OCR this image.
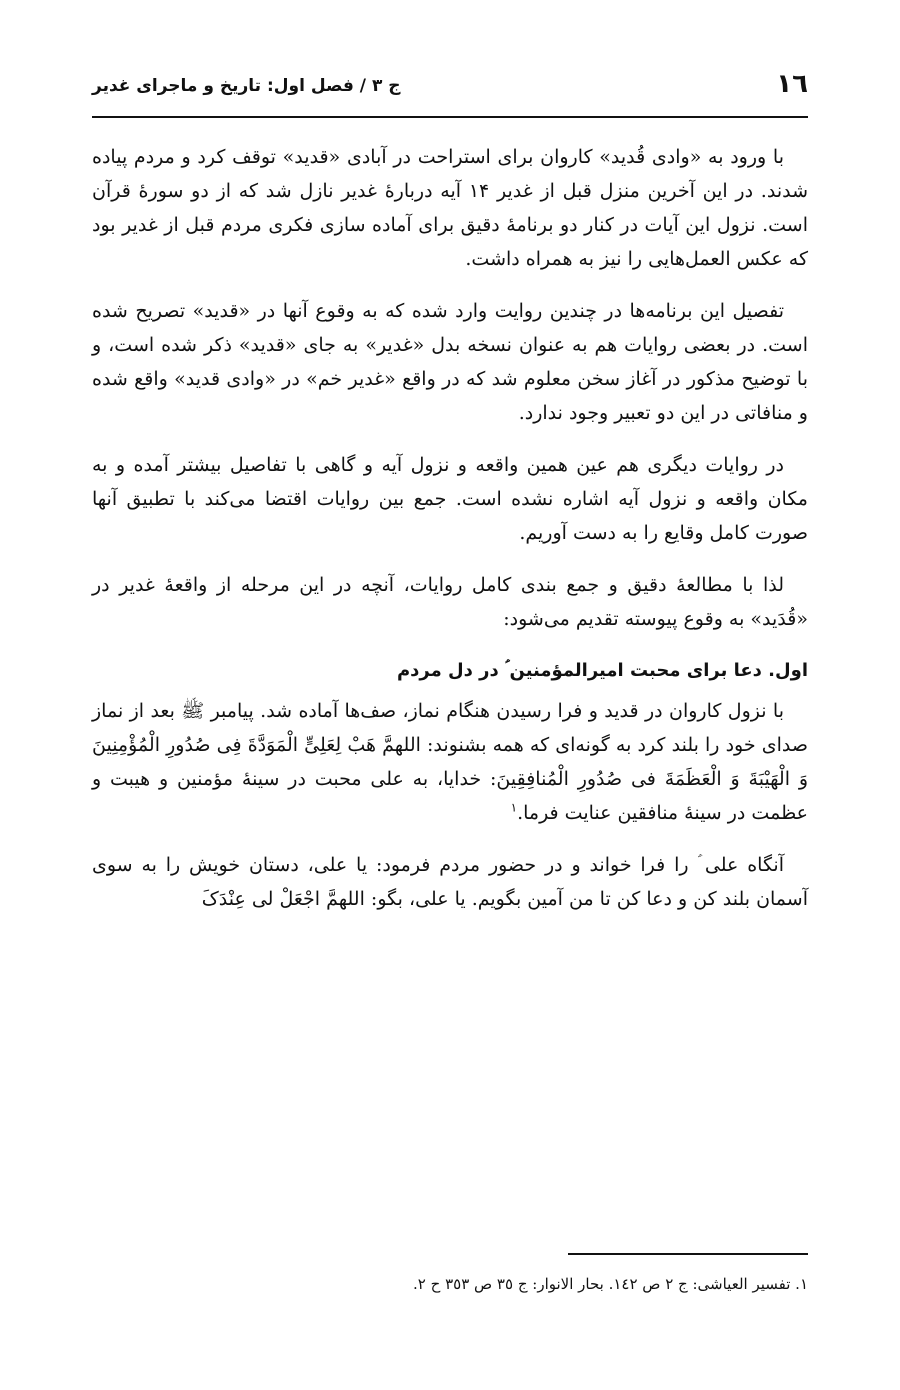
١٦
ج ٣ / فصل اول: تاریخ و ماجرای غدیر

با ورود به «وادی قُدید» کاروان برای استراحت در آبادی «قدید» توقف کرد و مردم پیاده شدند. در این آخرین منزل قبل از غدیر ۱۴ آیه دربارهٔ غدیر نازل شد که از دو سورهٔ قرآن است. نزول این آیات در کنار دو برنامهٔ دقیق برای آماده سازی فکری مردم قبل از غدیر بود که عکس العمل‌هایی را نیز به همراه داشت.

تفصیل این برنامه‌ها در چندین روایت وارد شده که به وقوع آنها در «قدید» تصریح شده است. در بعضی روایات هم به عنوان نسخه بدل «غدیر» به جای «قدید» ذکر شده است، و با توضیح مذکور در آغاز سخن معلوم شد که در واقع «غدیر خم» در «وادی قدید» واقع شده و منافاتی در این دو تعبیر وجود ندارد.

در روایات دیگری هم عین همین واقعه و نزول آیه و گاهی با تفاصیل بیشتر آمده و به مکان واقعه و نزول آیه اشاره نشده است. جمع بین روایات اقتضا می‌کند با تطبیق آنها صورت کامل وقایع را به دست آوریم.

لذا با مطالعهٔ دقیق و جمع بندی کامل روایات، آنچه در این مرحله از واقعهٔ غدیر در «قُدَید» به وقوع پیوسته تقدیم می‌شود:

اول. دعا برای محبت امیرالمؤمنین ؑ در دل مردم

با نزول کاروان در قدید و فرا رسیدن هنگام نماز، صف‌ها آماده شد. پیامبر ﷺ بعد از نماز صدای خود را بلند کرد به گونه‌ای که همه بشنوند: اللهمَّ هَبْ لِعَلِیٍّ الْمَوَدَّةَ فِی صُدُورِ الْمُؤْمِنِینَ وَ الْهَیْبَةَ وَ الْعَظَمَةَ فی صُدُورِ الْمُنافِقِینَ: خدایا، به علی محبت در سینهٔ مؤمنین و هیبت و عظمت در سینهٔ منافقین عنایت فرما.$^١$

آنگاه علی ؑ را فرا خواند و در حضور مردم فرمود: یا علی، دستان خویش را به سوی آسمان بلند کن و دعا کن تا من آمین بگویم. یا علی، بگو: اللهمَّ اجْعَلْ لی عِنْدَکَ

١. تفسیر العیاشی: ج ٢ ص ١٤٢. بحار الانوار: ج ٣٥ ص ٣٥٣ ح ٢.
